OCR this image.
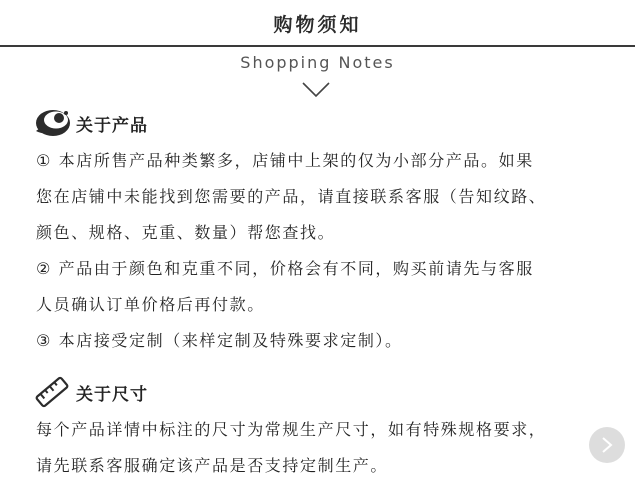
购物须知
Shopping Notes
关于产品
① 本店所售产品种类繁多，店铺中上架的仅为小部分产品。如果
您在店铺中未能找到您需要的产品，请直接联系客服（告知纹路、
颜色、规格、克重、数量）帮您查找。
② 产品由于颜色和克重不同，价格会有不同，购买前请先与客服
人员确认订单价格后再付款。
③ 本店接受定制（来样定制及特殊要求定制）。
关于尺寸
每个产品详情中标注的尺寸为常规生产尺寸，如有特殊规格要求，
请先联系客服确定该产品是否支持定制生产。
